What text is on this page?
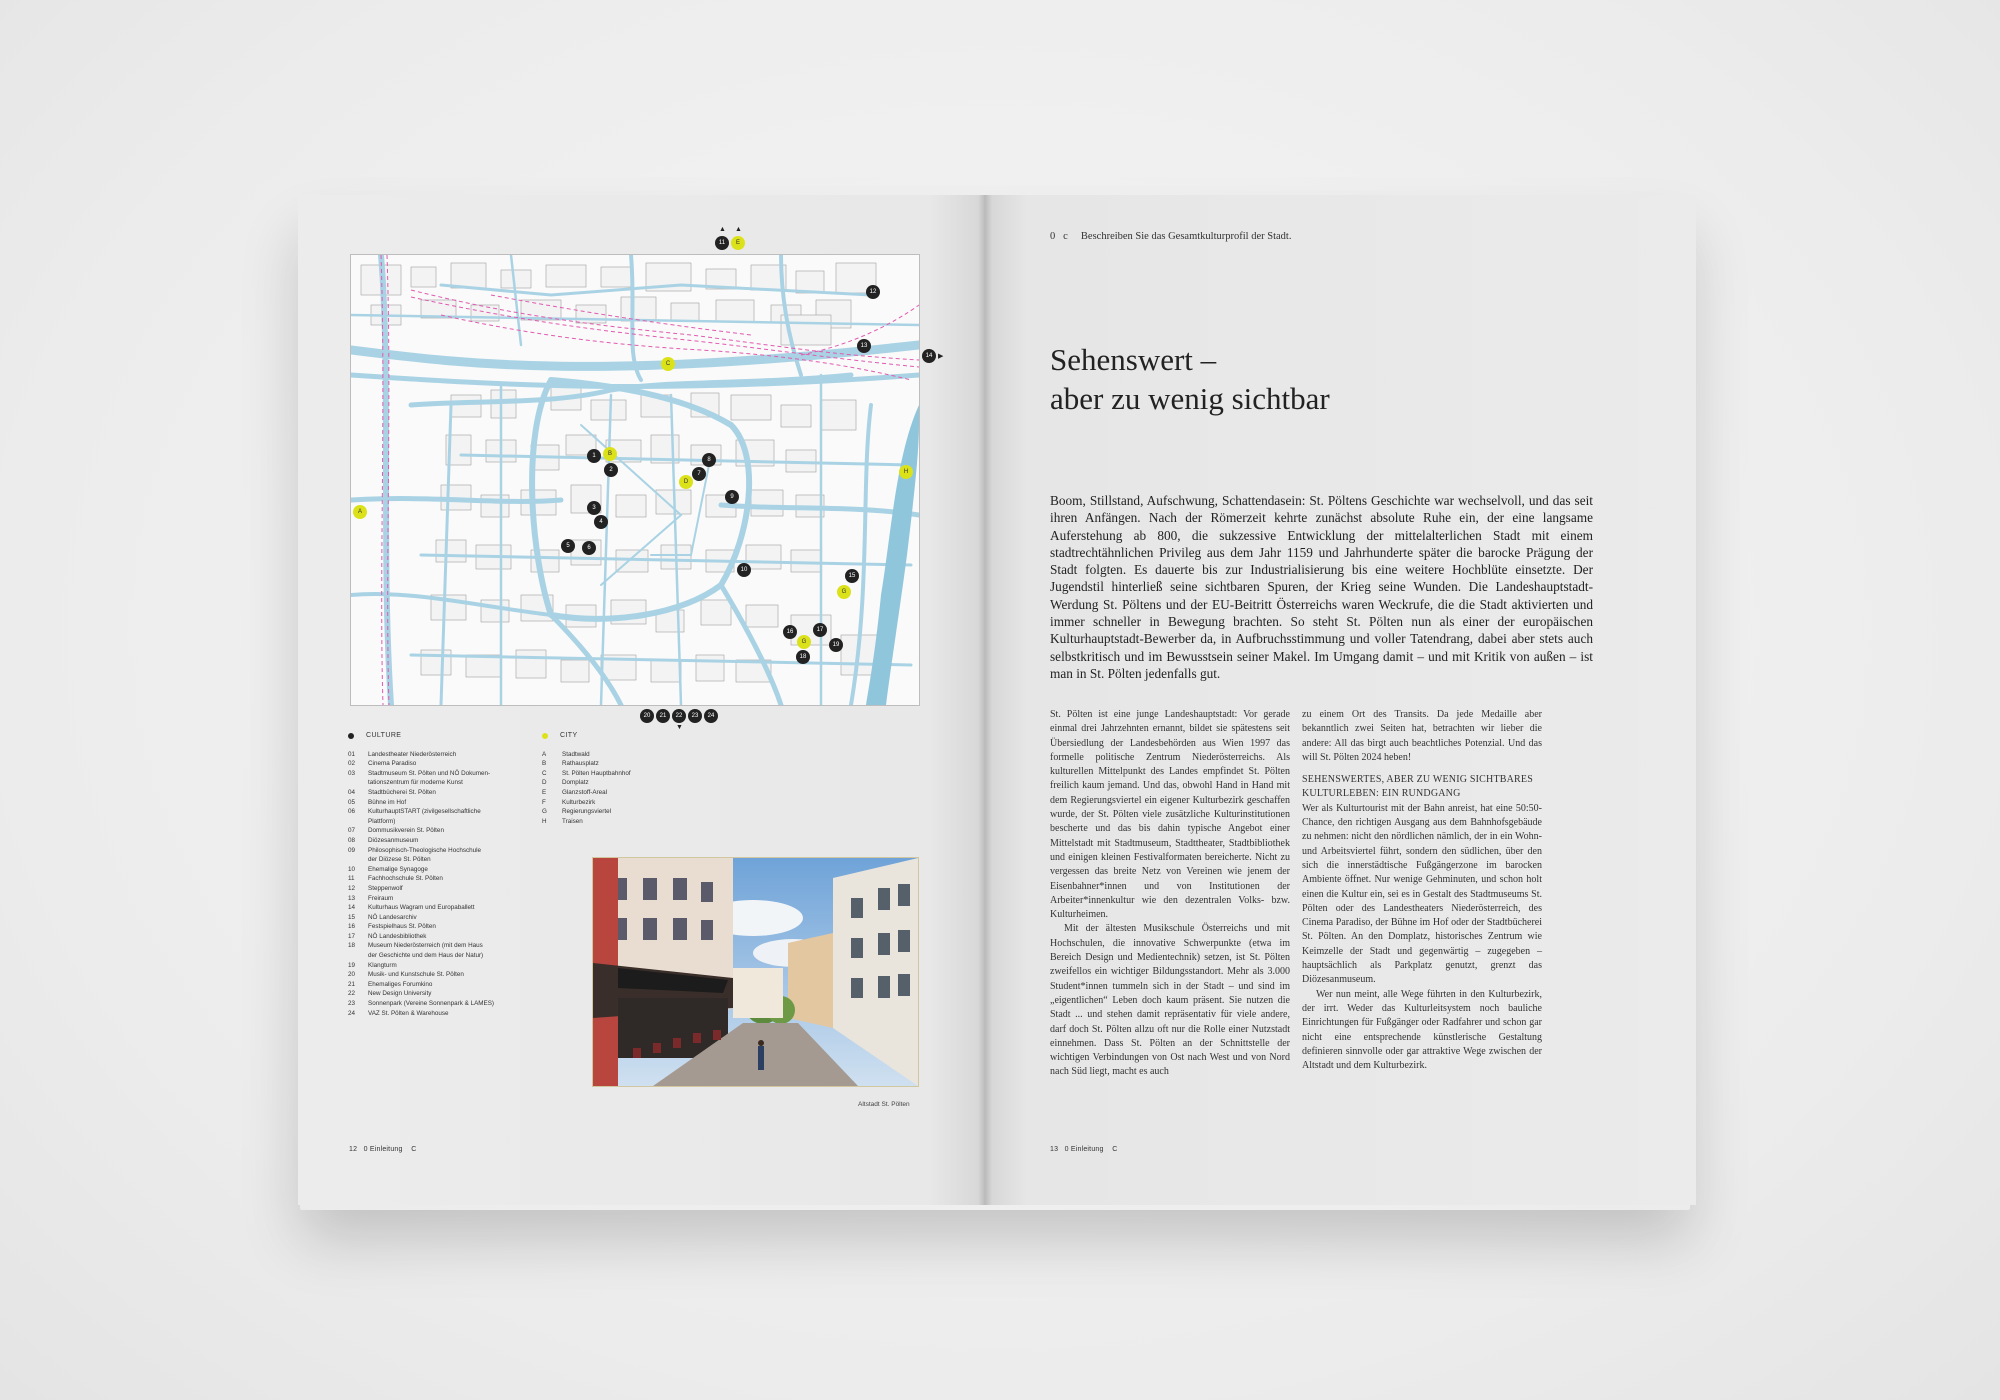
▲ ▲
11	E
1	B
2
3
4
5	6
7
8
9
D
10
12
13
C
A
H
15
G
16	17
18
19
G
14 ▶
20	21	22	23	24
▼
CULTURE
01	Landestheater Niederösterreich
02	Cinema Paradiso
03	Stadtmuseum St. Pölten und NÖ Dokumen-
tationszentrum für moderne Kunst
04	Stadtbücherei St. Pölten
05	Bühne im Hof
06	KulturhauptSTART (zivilgesellschaftliche
Plattform)
07	Dommusikverein St. Pölten
08	Diözesanmuseum
09	Philosophisch-Theologische Hochschule
der Diözese St. Pölten
10	Ehemalige Synagoge
11	Fachhochschule St. Pölten
12	Steppenwolf
13	Freiraum
14	Kulturhaus Wagram und Europaballett
15	NÖ Landesarchiv
16	Festspielhaus St. Pölten
17	NÖ Landesbibliothek
18	Museum Niederösterreich (mit dem Haus
der Geschichte und dem Haus der Natur)
19	Klangturm
20	Musik- und Kunstschule St. Pölten
21	Ehemaliges Forumkino
22	New Design University
23	Sonnenpark (Vereine Sonnenpark & LAMES)
24	VAZ St. Pölten & Warehouse
CITY
A	Stadtwald
B	Rathausplatz
C	St. Pölten Hauptbahnhof
D	Domplatz
E	Glanzstoff-Areal
F	Kulturbezirk
G	Regierungsviertel
H	Traisen
Altstadt St. Pölten
12 0 Einleitung C
0   c     Beschreiben Sie das Gesamtkulturprofil der Stadt.
Sehenswert –
aber zu wenig sichtbar
Boom, Stillstand, Aufschwung, Schattendasein: St. Pöltens Geschichte war wechselvoll, und das seit ihren Anfängen. Nach der Römerzeit kehrte zunächst absolute Ruhe ein, der eine langsame Auferstehung ab 800, die sukzessive Entwicklung der mittelalterlichen Stadt mit einem stadtrechtähnlichen Privileg aus dem Jahr 1159 und Jahrhunderte später die barocke Prägung der Stadt folgten. Es dauerte bis zur Industrialisierung bis eine weitere Hochblüte einsetzte. Der Jugendstil hinterließ seine sichtbaren Spuren, der Krieg seine Wunden. Die Landeshauptstadt-Werdung St. Pöltens und der EU-Beitritt Österreichs waren Weckrufe, die die Stadt aktivierten und immer schneller in Bewegung brachten. So steht St. Pölten nun als einer der europäischen Kulturhauptstadt-Bewerber da, in Aufbruchsstimmung und voller Tatendrang, dabei aber stets auch selbstkritisch und im Bewusstsein seiner Makel. Im Umgang damit – und mit Kritik von außen – ist man in St. Pölten jedenfalls gut.

St. Pölten ist eine junge Landeshauptstadt: Vor gerade einmal drei Jahrzehnten ernannt, bildet sie spätestens seit Übersiedlung der Landesbehörden aus Wien 1997 das formelle politische Zentrum Niederösterreichs. Als kulturellen Mittelpunkt des Landes empfindet St. Pölten freilich kaum jemand. Und das, obwohl Hand in Hand mit dem Regierungsviertel ein eigener Kulturbezirk geschaffen wurde, der St. Pölten viele zusätzliche Kulturinstitutionen bescherte und das bis dahin typische Angebot einer Mittelstadt mit Stadtmuseum, Stadttheater, Stadtbibliothek und einigen kleinen Festivalformaten bereicherte. Nicht zu vergessen das breite Netz von Vereinen wie jenem der Eisenbahner*innen und von Institutionen der Arbeiter*innenkultur wie den dezentralen Volks- bzw. Kulturheimen.

Mit der ältesten Musikschule Österreichs und mit Hochschulen, die innovative Schwerpunkte (etwa im Bereich Design und Medientechnik) setzen, ist St. Pölten zweifellos ein wichtiger Bildungsstandort. Mehr als 3.000 Student*innen tummeln sich in der Stadt – und sind im „eigentlichen“ Leben doch kaum präsent. Sie nutzen die Stadt ... und stehen damit repräsentativ für viele andere, darf doch St. Pölten allzu oft nur die Rolle einer Nutzstadt einnehmen. Dass St. Pölten an der Schnittstelle der wichtigen Verbindungen von Ost nach West und von Nord nach Süd liegt, macht es auch

zu einem Ort des Transits. Da jede Medaille aber bekanntlich zwei Seiten hat, betrachten wir lieber die andere: All das birgt auch beachtliches Potenzial. Und das will St. Pölten 2024 heben!

SEHENSWERTES, ABER ZU WENIG SICHTBARES KULTURLEBEN: EIN RUNDGANG

Wer als Kulturtourist mit der Bahn anreist, hat eine 50:50-Chance, den richtigen Ausgang aus dem Bahnhofsgebäude zu nehmen: nicht den nördlichen nämlich, der in ein Wohn- und Arbeitsviertel führt, sondern den südlichen, über den sich die innerstädtische Fußgängerzone im barocken Ambiente öffnet. Nur wenige Gehminuten, und schon holt einen die Kultur ein, sei es in Gestalt des Stadtmuseums St. Pölten oder des Landestheaters Niederösterreich, des Cinema Paradiso, der Bühne im Hof oder der Stadtbücherei St. Pölten. An den Domplatz, historisches Zentrum wie Keimzelle der Stadt und gegenwärtig – zugegeben – hauptsächlich als Parkplatz genutzt, grenzt das Diözesanmuseum.

Wer nun meint, alle Wege führten in den Kulturbezirk, der irrt. Weder das Kulturleitsystem noch bauliche Einrichtungen für Fußgänger oder Radfahrer und schon gar nicht eine entsprechende künstlerische Gestaltung definieren sinnvolle oder gar attraktive Wege zwischen der Altstadt und dem Kulturbezirk.

13 0 Einleitung C
